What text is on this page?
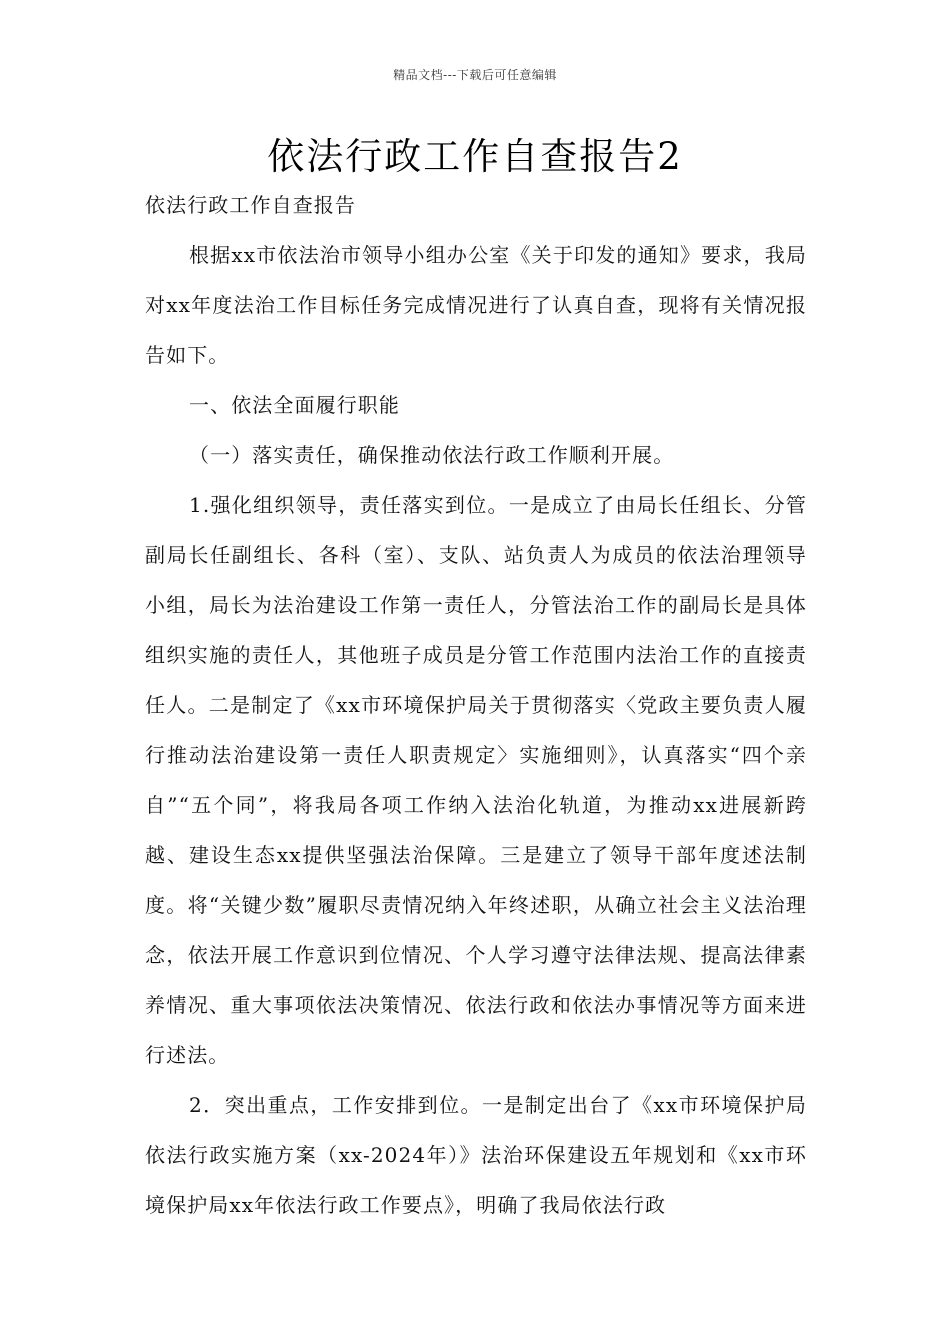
精品文档---下载后可任意编辑
依法行政工作自查报告2

依法行政工作自查报告

根据xx市依法治市领导小组办公室《关于印发的通知》要求，我局对xx年度法治工作目标任务完成情况进行了认真自查，现将有关情况报告如下。

一、依法全面履行职能

（一）落实责任，确保推动依法行政工作顺利开展。

1.强化组织领导，责任落实到位。一是成立了由局长任组长、分管副局长任副组长、各科（室）、支队、站负责人为成员的依法治理领导小组，局长为法治建设工作第一责任人，分管法治工作的副局长是具体组织实施的责任人，其他班子成员是分管工作范围内法治工作的直接责任人。二是制定了《xx市环境保护局关于贯彻落实〈党政主要负责人履行推动法治建设第一责任人职责规定〉实施细则》，认真落实“四个亲自”“五个同”，将我局各项工作纳入法治化轨道，为推动xx进展新跨越、建设生态xx提供坚强法治保障。三是建立了领导干部年度述法制度。将“关键少数”履职尽责情况纳入年终述职，从确立社会主义法治理念，依法开展工作意识到位情况、个人学习遵守法律法规、提高法律素养情况、重大事项依法决策情况、依法行政和依法办事情况等方面来进行述法。

2．突出重点，工作安排到位。一是制定出台了《xx市环境保护局依法行政实施方案（xx-2024年）》法治环保建设五年规划和《xx市环境保护局xx年依法行政工作要点》，明确了我局依法行政
